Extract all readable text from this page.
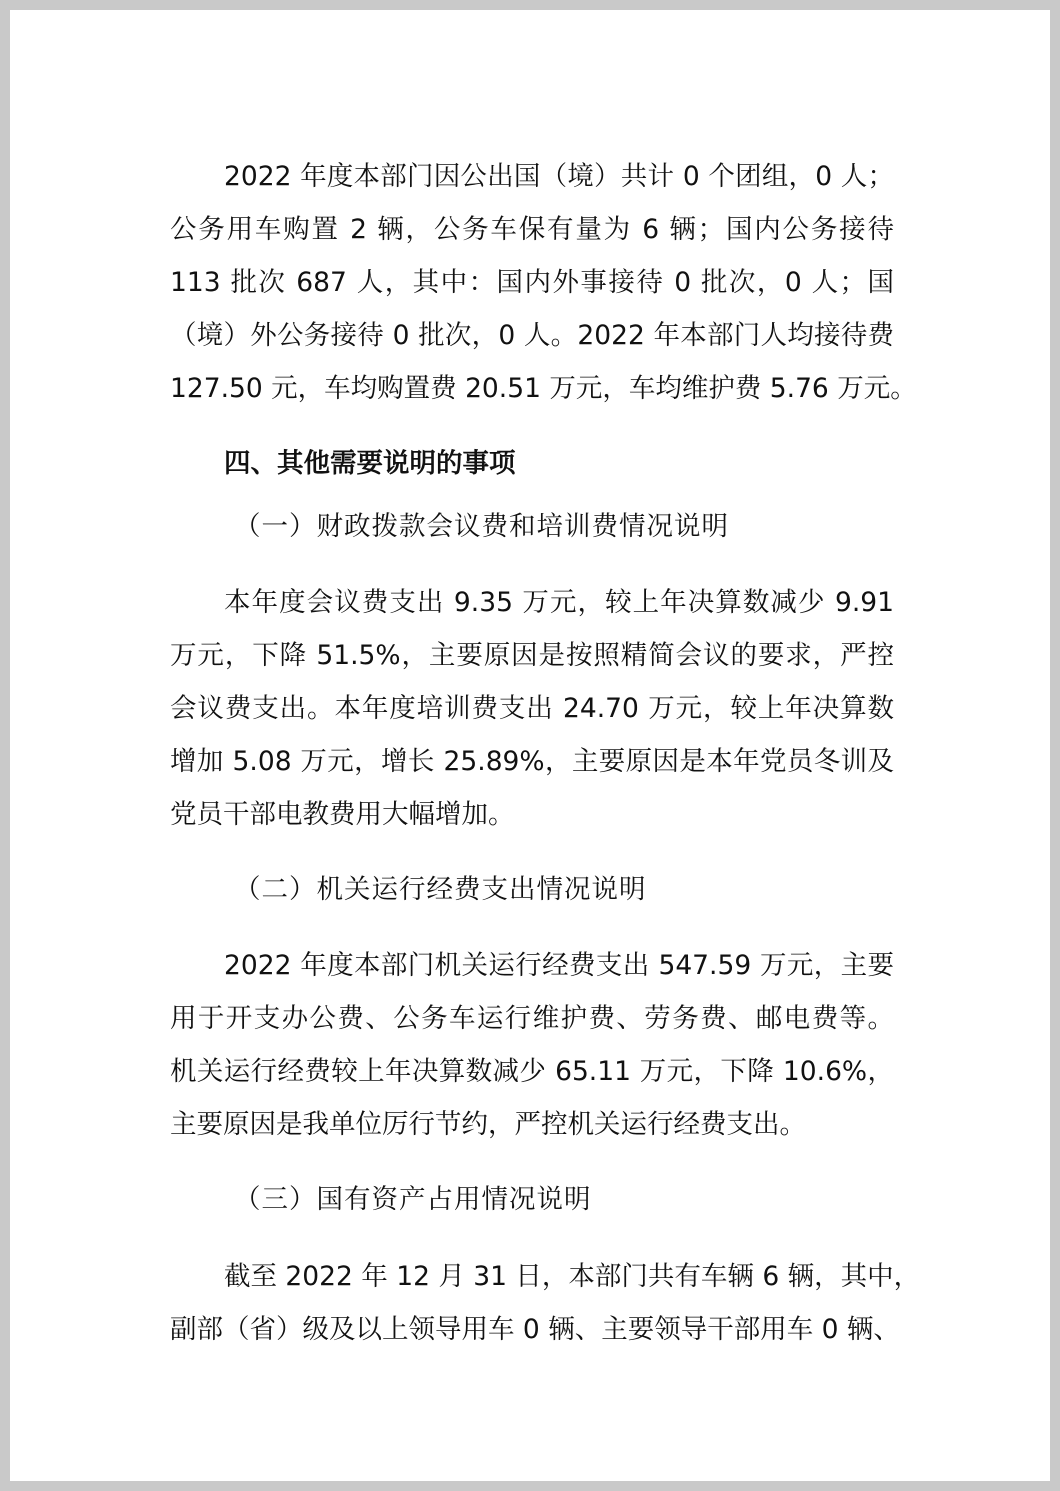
2022 年度本部门因公出国（境）共计 0 个团组，0 人；
公务用车购置 2 辆，公务车保有量为 6 辆；国内公务接待
113 批次 687 人，其中：国内外事接待 0 批次，0 人；国
（境）外公务接待 0 批次，0 人。2022 年本部门人均接待费
127.50 元，车均购置费 20.51 万元，车均维护费 5.76 万元。
四、其他需要说明的事项
（一）财政拨款会议费和培训费情况说明
本年度会议费支出 9.35 万元，较上年决算数减少 9.91
万元，下降 51.5%，主要原因是按照精简会议的要求，严控
会议费支出。本年度培训费支出 24.70 万元，较上年决算数
增加 5.08 万元，增长 25.89%，主要原因是本年党员冬训及
党员干部电教费用大幅增加。
（二）机关运行经费支出情况说明
2022 年度本部门机关运行经费支出 547.59 万元，主要
用于开支办公费、公务车运行维护费、劳务费、邮电费等。
机关运行经费较上年决算数减少 65.11 万元，下降 10.6%，
主要原因是我单位厉行节约，严控机关运行经费支出。
（三）国有资产占用情况说明
截至 2022 年 12 月 31 日，本部门共有车辆 6 辆，其中，
副部（省）级及以上领导用车 0 辆、主要领导干部用车 0 辆、
